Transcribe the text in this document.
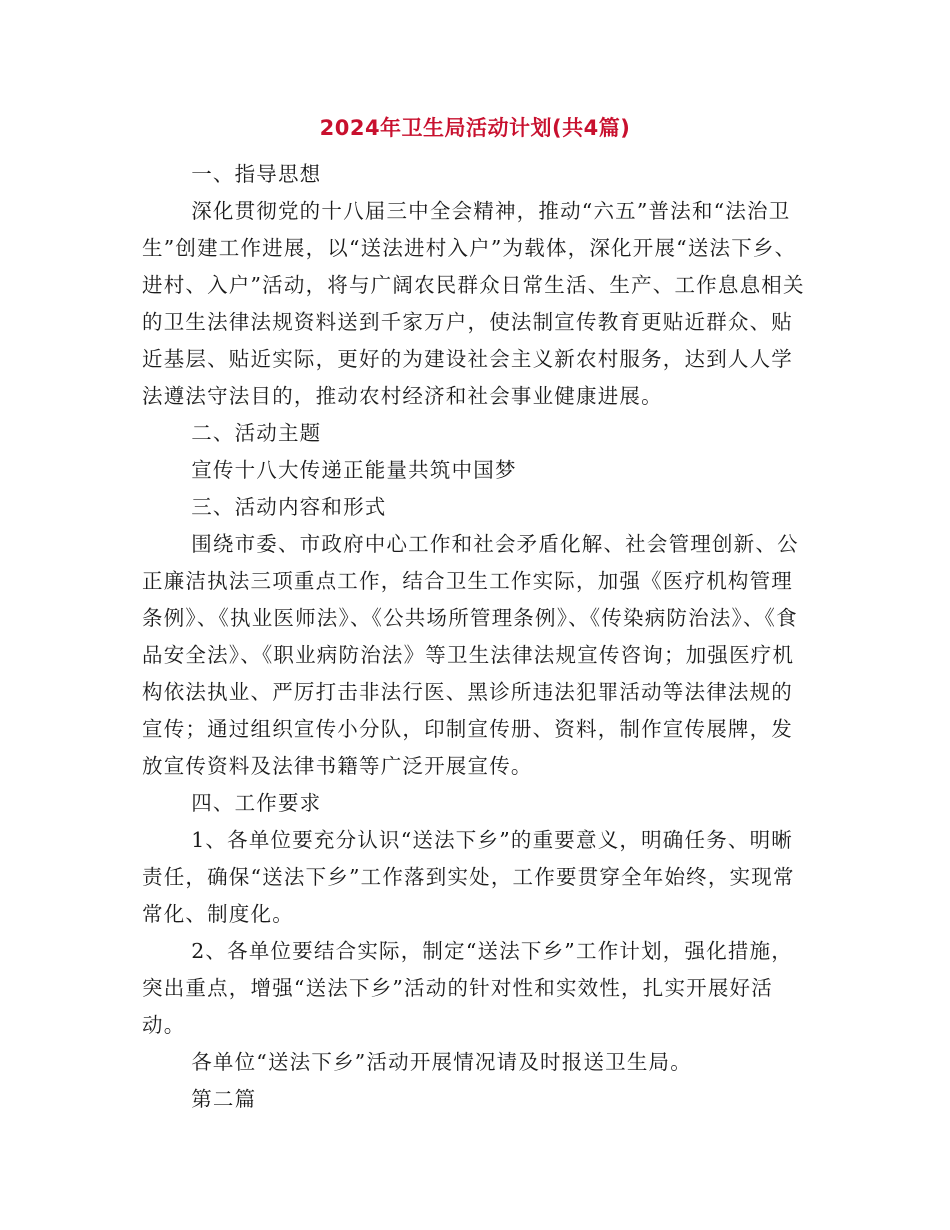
2024年卫生局活动计划(共4篇)

一、指导思想

深化贯彻党的十八届三中全会精神，推动“六五”普法和“法治卫生”创建工作进展，以“送法进村入户”为载体，深化开展“送法下乡、进村、入户”活动，将与广阔农民群众日常生活、生产、工作息息相关的卫生法律法规资料送到千家万户，使法制宣传教育更贴近群众、贴近基层、贴近实际，更好的为建设社会主义新农村服务，达到人人学法遵法守法目的，推动农村经济和社会事业健康进展。

二、活动主题

宣传十八大传递正能量共筑中国梦

三、活动内容和形式

围绕市委、市政府中心工作和社会矛盾化解、社会管理创新、公正廉洁执法三项重点工作，结合卫生工作实际，加强《医疗机构管理条例》、《执业医师法》、《公共场所管理条例》、《传染病防治法》、《食品安全法》、《职业病防治法》等卫生法律法规宣传咨询；加强医疗机构依法执业、严厉打击非法行医、黑诊所违法犯罪活动等法律法规的宣传；通过组织宣传小分队，印制宣传册、资料，制作宣传展牌，发放宣传资料及法律书籍等广泛开展宣传。

四、工作要求

1、各单位要充分认识“送法下乡”的重要意义，明确任务、明晰责任，确保“送法下乡”工作落到实处，工作要贯穿全年始终，实现常常化、制度化。

2、各单位要结合实际，制定“送法下乡”工作计划，强化措施，突出重点，增强“送法下乡”活动的针对性和实效性，扎实开展好活动。

各单位“送法下乡”活动开展情况请及时报送卫生局。

第二篇
